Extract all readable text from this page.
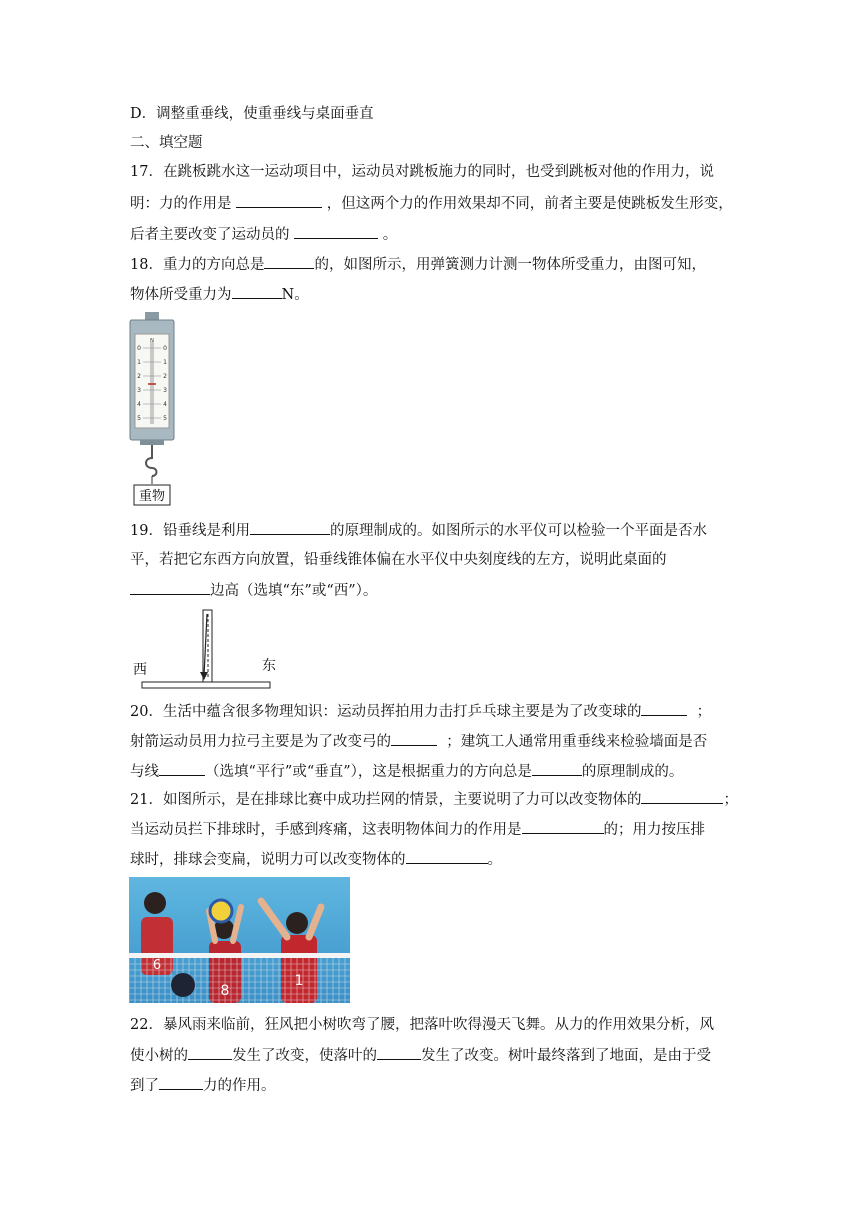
D．调整重垂线，使重垂线与桌面垂直
二、填空题
17．在跳板跳水这一运动项目中，运动员对跳板施力的同时，也受到跳板对他的作用力，说
明：力的作用是	，但这两个力的作用效果却不同，前者主要是使跳板发生形变，
后者主要改变了运动员的	。
18．重力的方向总是	的，如图所示，用弹簧测力计测一物体所受重力，由图可知，
物体所受重力为	N。
N
0	0
1	1
2	2
3	3
4	4
5	5
重物
19．铅垂线是利用	的原理制成的。如图所示的水平仪可以检验一个平面是否水
平，若把它东西方向放置，铅垂线锥体偏在水平仪中央刻度线的左方，说明此桌面的
边高（选填“东”或“西”）。
西	东
20．生活中蕴含很多物理知识：运动员挥拍用力击打乒乓球主要是为了改变球的	；
射箭运动员用力拉弓主要是为了改变弓的	；建筑工人通常用重垂线来检验墙面是否
与线	（选填“平行”或“垂直”），这是根据重力的方向总是	的原理制成的。
21．如图所示，是在排球比赛中成功拦网的情景，主要说明了力可以改变物体的	；
当运动员拦下排球时，手感到疼痛，这表明物体间力的作用是	的；用力按压排
球时，排球会变扁，说明力可以改变物体的	。
6
8
1
22．暴风雨来临前，狂风把小树吹弯了腰，把落叶吹得漫天飞舞。从力的作用效果分析，风
使小树的	发生了改变，使落叶的	发生了改变。树叶最终落到了地面，是由于受
到了	力的作用。
